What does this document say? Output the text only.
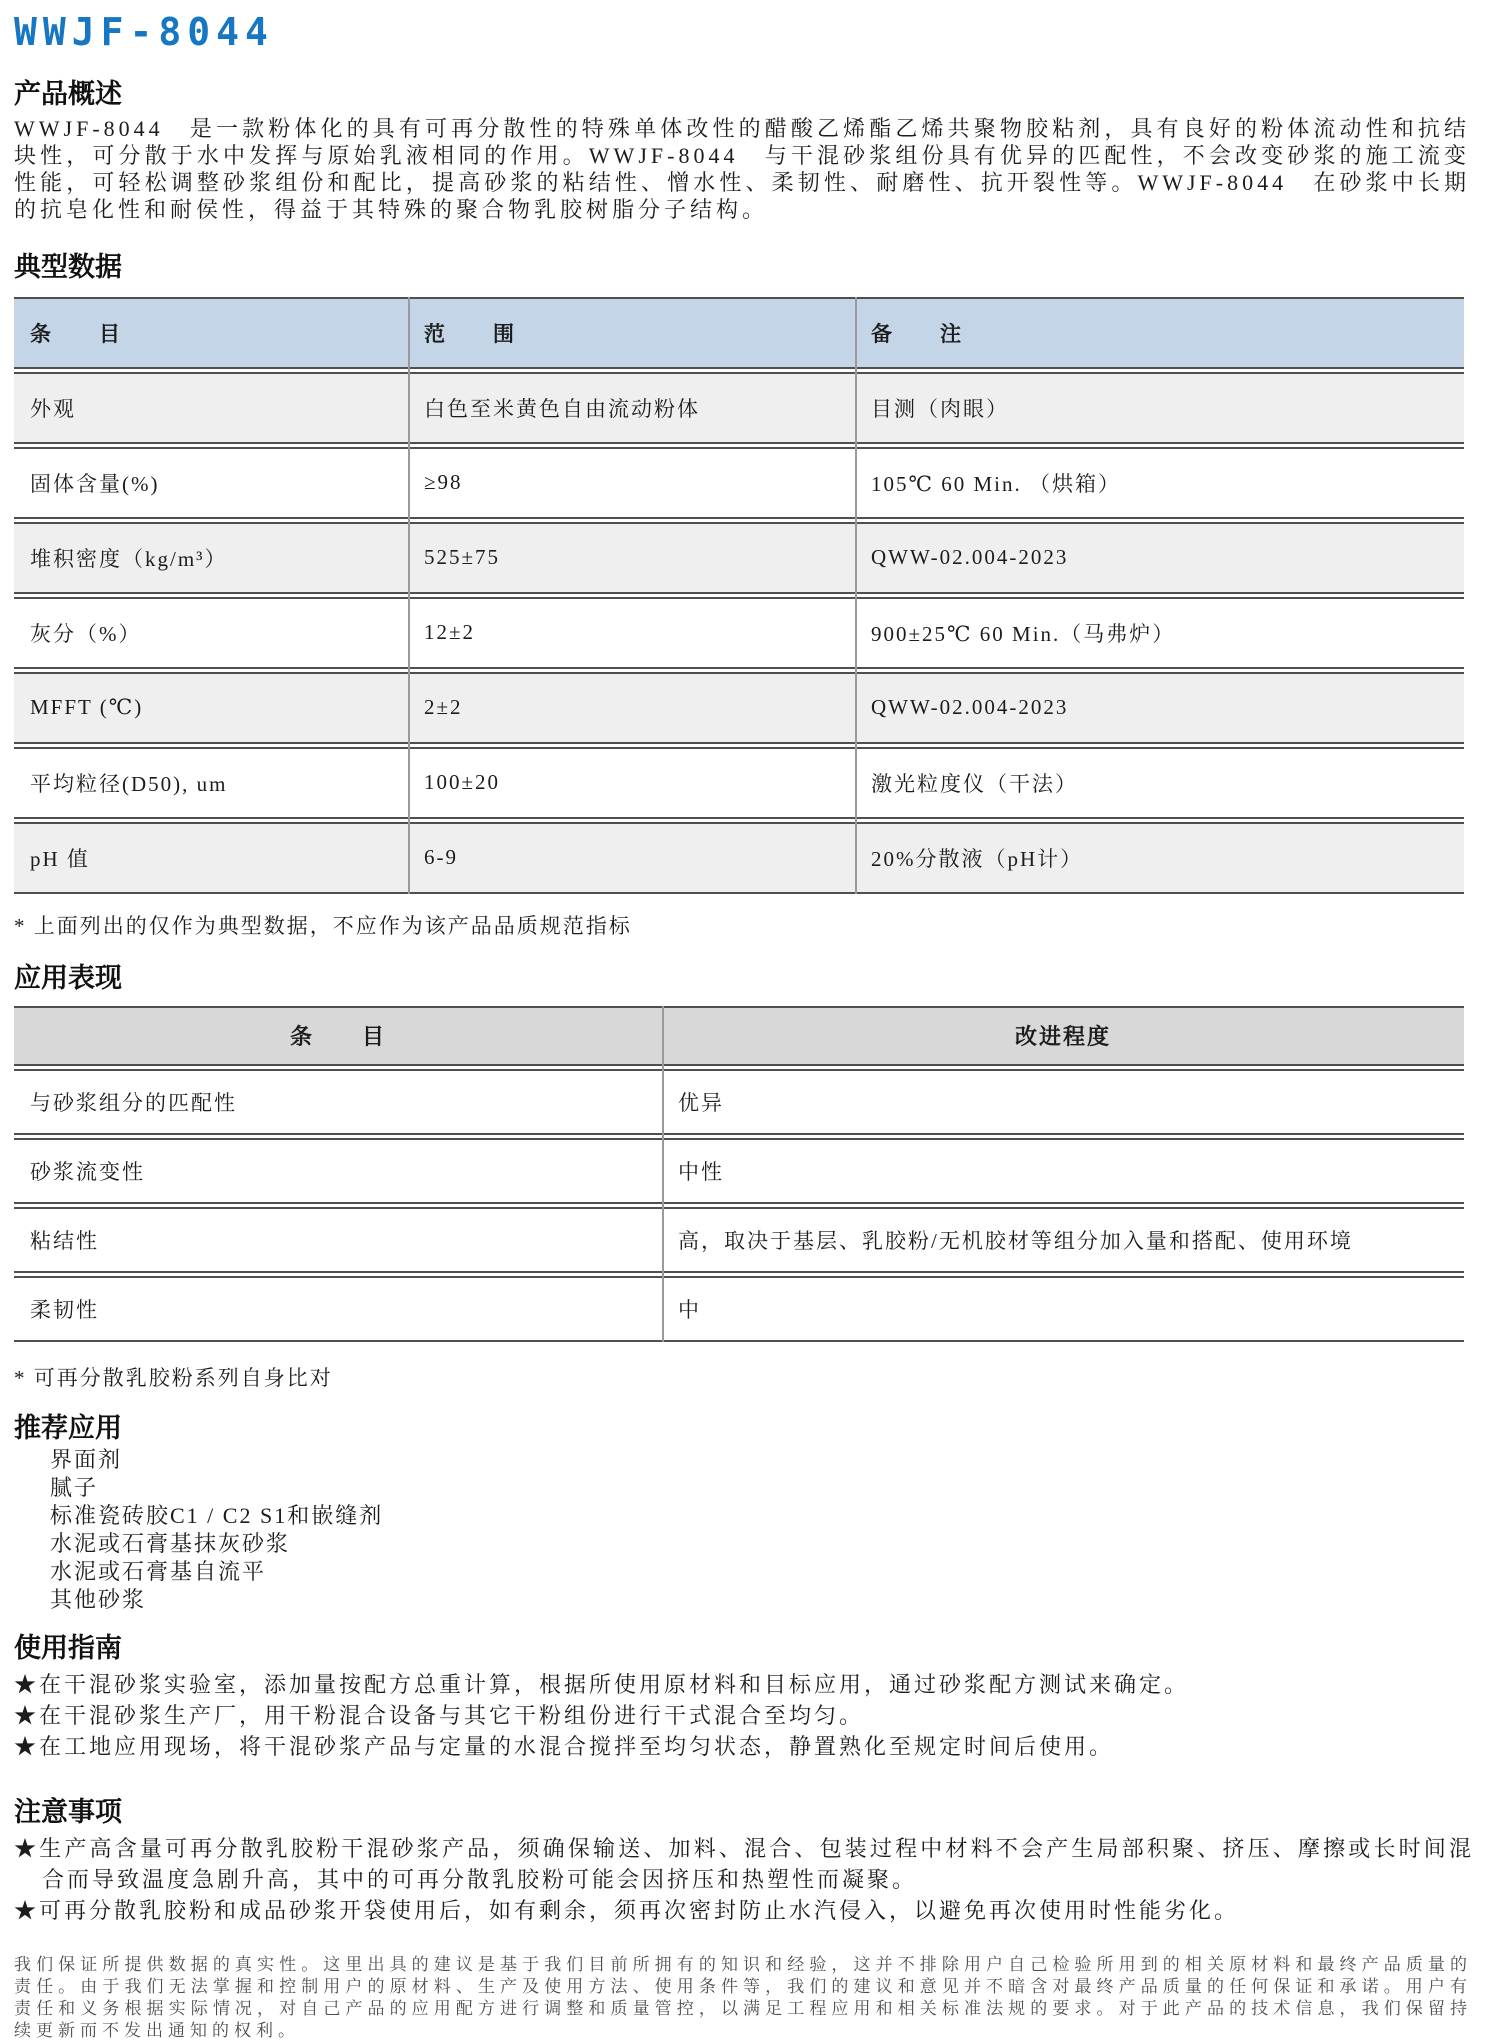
WWJF-8044
产品概述
WWJF-8044　是一款粉体化的具有可再分散性的特殊单体改性的醋酸乙烯酯乙烯共聚物胶粘剂，具有良好的粉体流动性和抗结块性，可分散于水中发挥与原始乳液相同的作用。WWJF-8044　与干混砂浆组份具有优异的匹配性，不会改变砂浆的施工流变性能，可轻松调整砂浆组份和配比，提高砂浆的粘结性、憎水性、柔韧性、耐磨性、抗开裂性等。WWJF-8044　在砂浆中长期的抗皂化性和耐侯性，得益于其特殊的聚合物乳胶树脂分子结构。
典型数据
条　　目	范　　围	备　　注
外观	白色至米黄色自由流动粉体	目测（肉眼）
固体含量(%)	≥98	105℃ 60 Min. （烘箱）
堆积密度（kg/m³）	525±75	QWW-02.004-2023
灰分（%）	12±2	900±25℃ 60 Min.（马弗炉）
MFFT (℃)	2±2	QWW-02.004-2023
平均粒径(D50), um	100±20	激光粒度仪（干法）
pH 值	6-9	20%分散液（pH计）
* 上面列出的仅作为典型数据，不应作为该产品品质规范指标
应用表现
条　　目	改进程度
与砂浆组分的匹配性	优异
砂浆流变性	中性
粘结性	高，取决于基层、乳胶粉/无机胶材等组分加入量和搭配、使用环境
柔韧性	中
* 可再分散乳胶粉系列自身比对
推荐应用
界面剂
腻子
标准瓷砖胶C1 / C2 S1和嵌缝剂
水泥或石膏基抹灰砂浆
水泥或石膏基自流平
其他砂浆
使用指南
★在干混砂浆实验室，添加量按配方总重计算，根据所使用原材料和目标应用，通过砂浆配方测试来确定。
★在干混砂浆生产厂，用干粉混合设备与其它干粉组份进行干式混合至均匀。
★在工地应用现场，将干混砂浆产品与定量的水混合搅拌至均匀状态，静置熟化至规定时间后使用。
注意事项
★生产高含量可再分散乳胶粉干混砂浆产品，须确保输送、加料、混合、包装过程中材料不会产生局部积聚、挤压、摩擦或长时间混合而导致温度急剧升高，其中的可再分散乳胶粉可能会因挤压和热塑性而凝聚。
★可再分散乳胶粉和成品砂浆开袋使用后，如有剩余，须再次密封防止水汽侵入，以避免再次使用时性能劣化。
我们保证所提供数据的真实性。这里出具的建议是基于我们目前所拥有的知识和经验，这并不排除用户自己检验所用到的相关原材料和最终产品质量的责任。由于我们无法掌握和控制用户的原材料、生产及使用方法、使用条件等，我们的建议和意见并不暗含对最终产品质量的任何保证和承诺。用户有责任和义务根据实际情况，对自己产品的应用配方进行调整和质量管控，以满足工程应用和相关标准法规的要求。对于此产品的技术信息，我们保留持续更新而不发出通知的权利。
